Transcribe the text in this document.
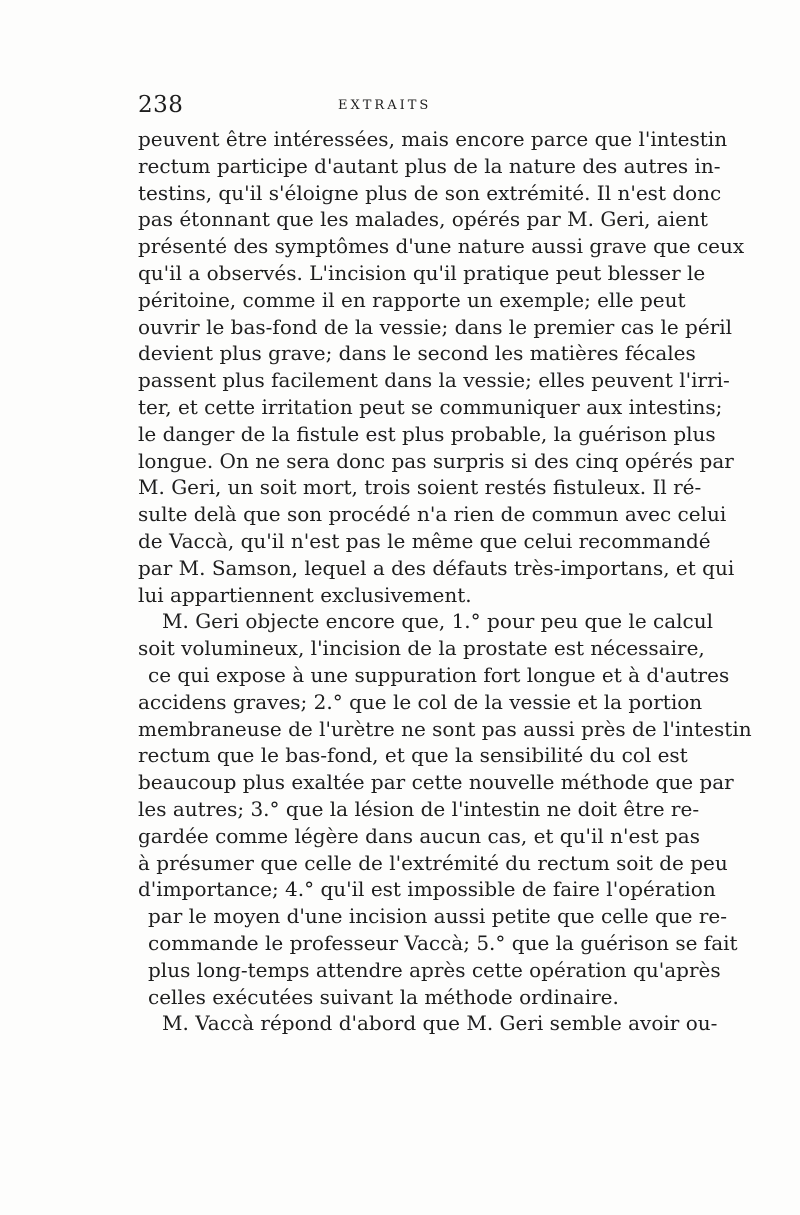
238	EXTRAITS
peuvent être intéressées, mais encore parce que l'intestin
rectum participe d'autant plus de la nature des autres in-
testins, qu'il s'éloigne plus de son extrémité. Il n'est donc
pas étonnant que les malades, opérés par M. Geri, aient
présenté des symptômes d'une nature aussi grave que ceux
qu'il a observés. L'incision qu'il pratique peut blesser le
péritoine, comme il en rapporte un exemple; elle peut
ouvrir le bas-fond de la vessie; dans le premier cas le péril
devient plus grave; dans le second les matières fécales
passent plus facilement dans la vessie; elles peuvent l'irri-
ter, et cette irritation peut se communiquer aux intestins;
le danger de la fistule est plus probable, la guérison plus
longue. On ne sera donc pas surpris si des cinq opérés par
M. Geri, un soit mort, trois soient restés fistuleux. Il ré-
sulte delà que son procédé n'a rien de commun avec celui
de Vaccà, qu'il n'est pas le même que celui recommandé
par M. Samson, lequel a des défauts très-importans, et qui
lui appartiennent exclusivement.
M. Geri objecte encore que, 1.° pour peu que le calcul
soit volumineux, l'incision de la prostate est nécessaire,
ce qui expose à une suppuration fort longue et à d'autres
accidens graves; 2.° que le col de la vessie et la portion
membraneuse de l'urètre ne sont pas aussi près de l'intestin
rectum que le bas-fond, et que la sensibilité du col est
beaucoup plus exaltée par cette nouvelle méthode que par
les autres; 3.° que la lésion de l'intestin ne doit être re-
gardée comme légère dans aucun cas, et qu'il n'est pas
à présumer que celle de l'extrémité du rectum soit de peu
d'importance; 4.° qu'il est impossible de faire l'opération
par le moyen d'une incision aussi petite que celle que re-
commande le professeur Vaccà; 5.° que la guérison se fait
plus long-temps attendre après cette opération qu'après
celles exécutées suivant la méthode ordinaire.
M. Vaccà répond d'abord que M. Geri semble avoir ou-
